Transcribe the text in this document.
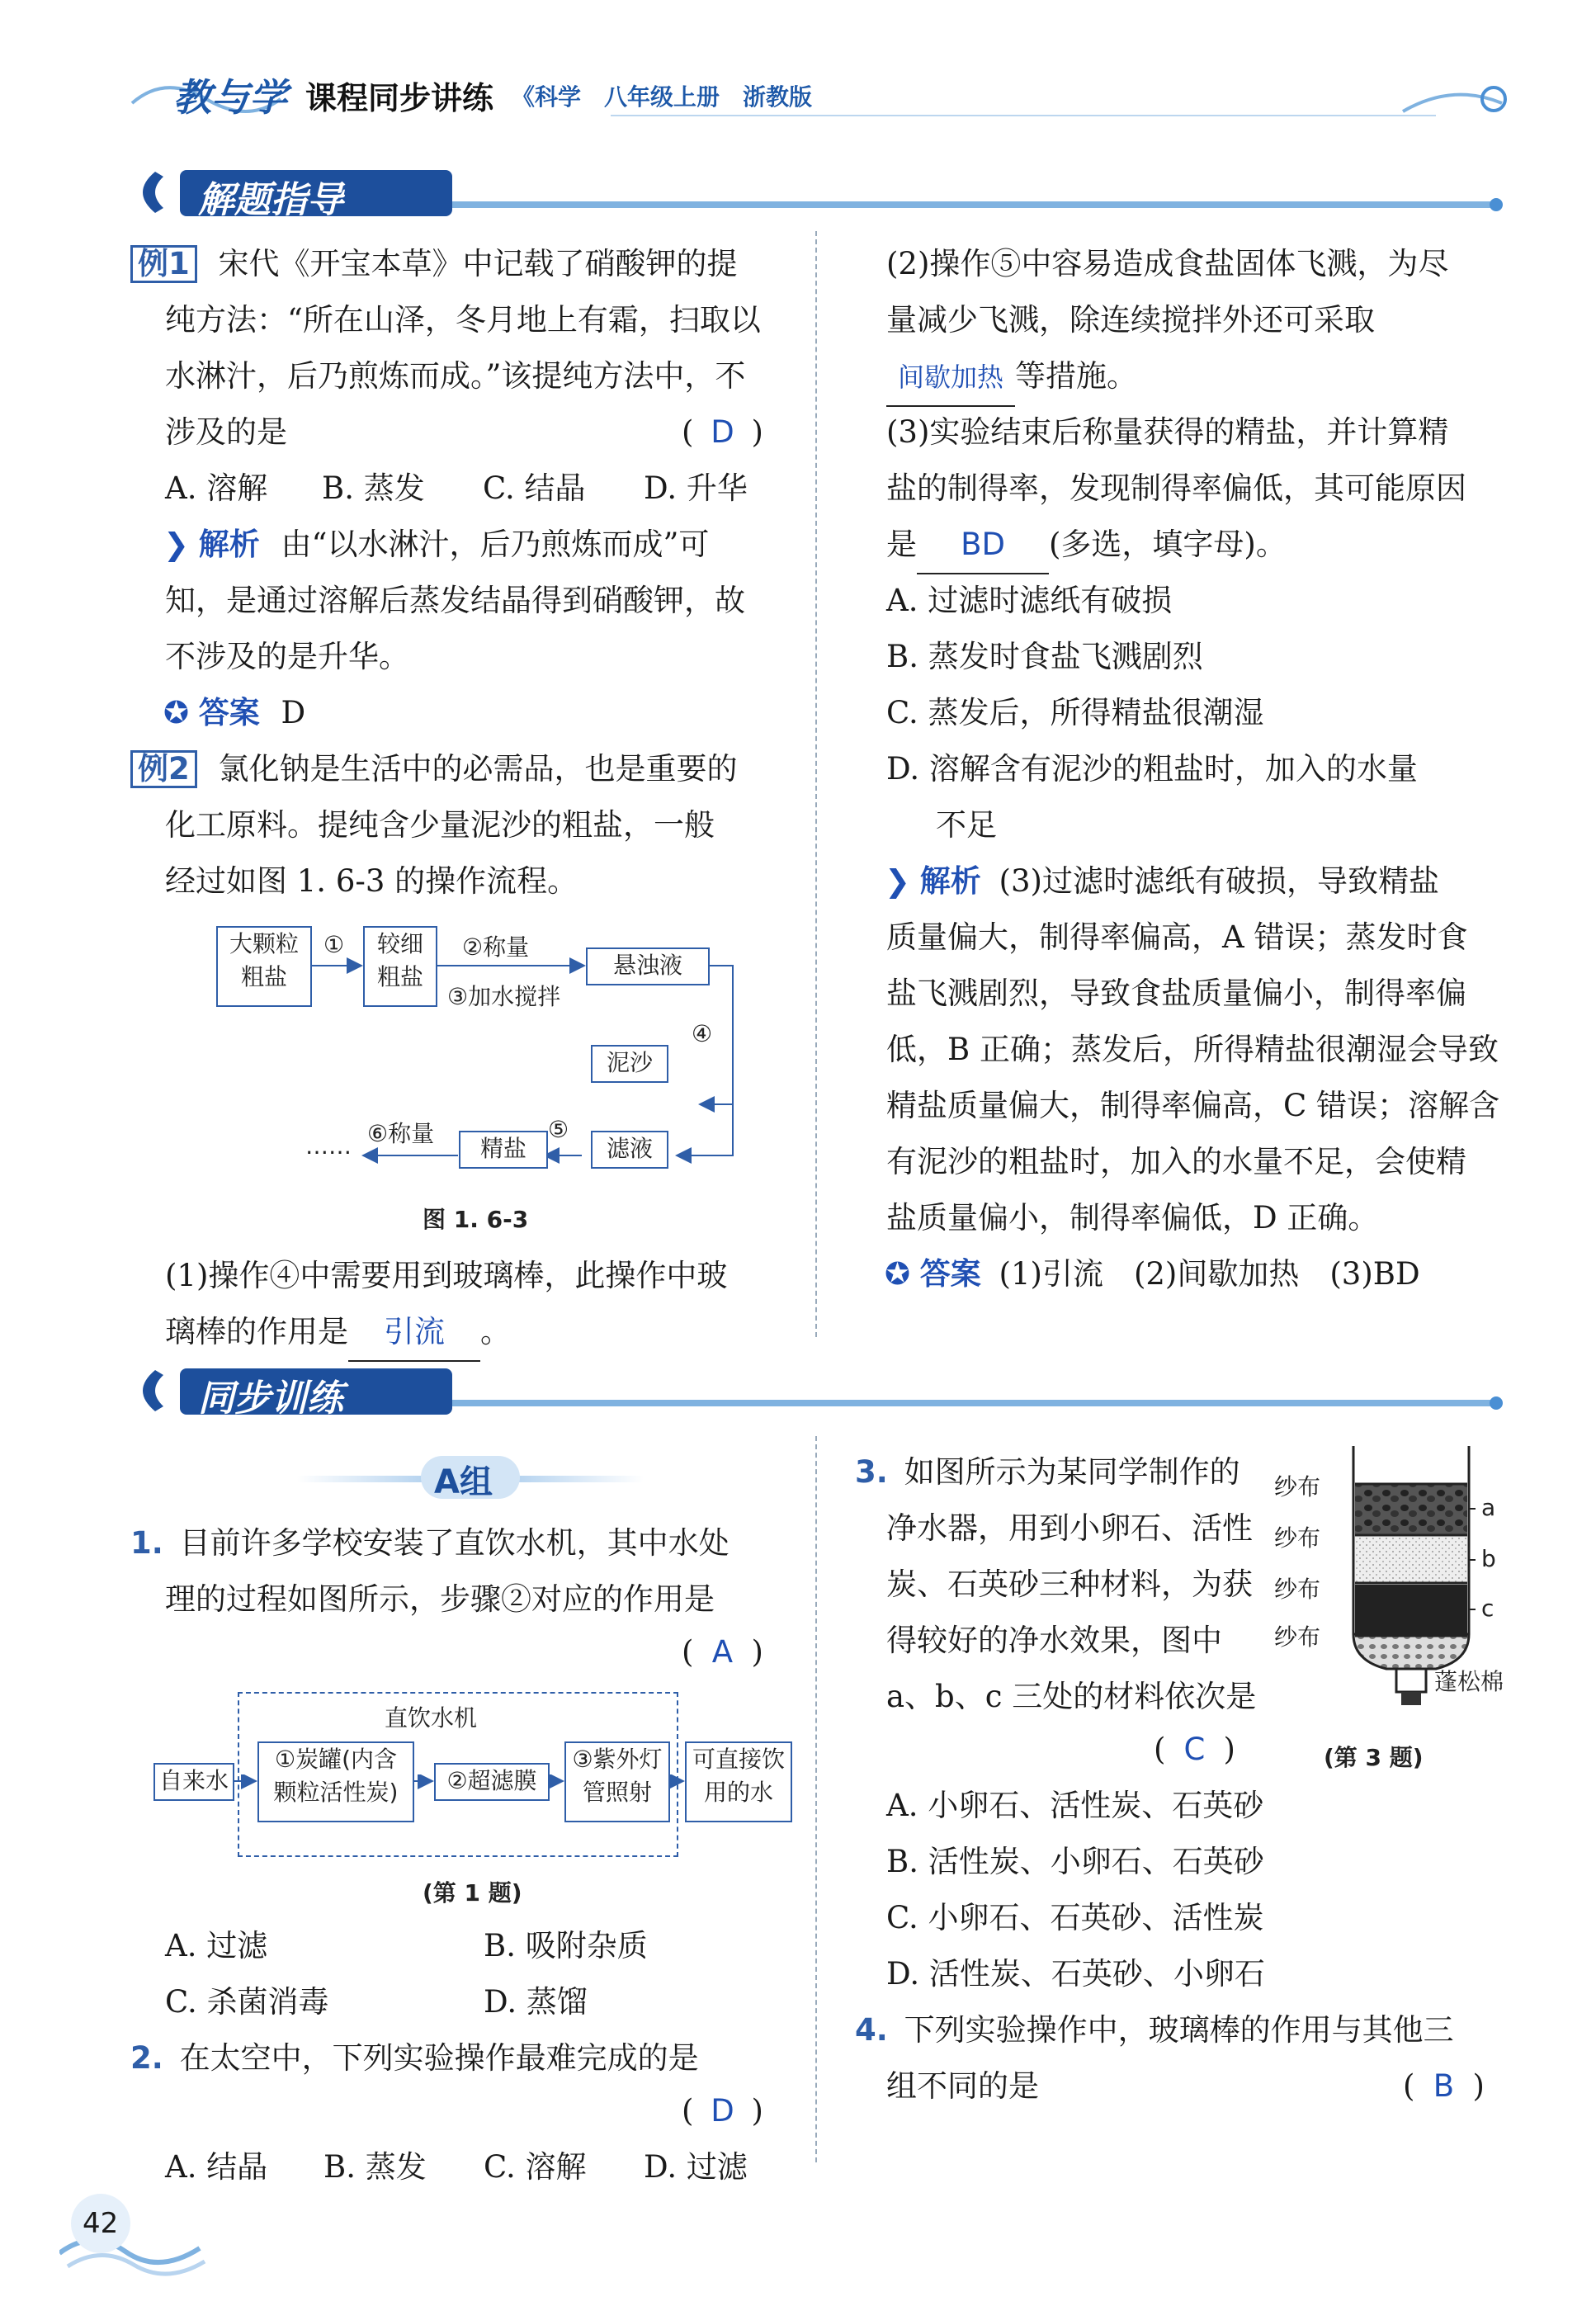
教与学 课程同步讲练 《科学　八年级上册　浙教版
解题指导
例1 宋代《开宝本草》中记载了硝酸钾的提
纯方法：“所在山泽，冬月地上有霜，扫取以
水淋汁，后乃煎炼而成。”该提纯方法中，不
涉及的是	( D )
A. 溶解 B. 蒸发 C. 结晶 D. 升华
❯ 解析 由“以水淋汁，后乃煎炼而成”可
知，是通过溶解后蒸发结晶得到硝酸钾，故
不涉及的是升华。
✪ 答案 D
例2 氯化钠是生活中的必需品，也是重要的
化工原料。提纯含少量泥沙的粗盐，一般
经过如图 1. 6-3 的操作流程。
大颗粒
粗盐
①	较细
粗盐
②称量
③加水搅拌
悬浊液
④
泥沙
滤液
⑤
精盐
⑥称量
……
图 1. 6-3
(1)操作④中需要用到玻璃棒，此操作中玻
璃棒的作用是 引流 。
(2)操作⑤中容易造成食盐固体飞溅，为尽
量减少飞溅，除连续搅拌外还可采取
间歇加热 等措施。
(3)实验结束后称量获得的精盐，并计算精
盐的制得率，发现制得率偏低，其可能原因
是 BD (多选，填字母)。
A. 过滤时滤纸有破损
B. 蒸发时食盐飞溅剧烈
C. 蒸发后，所得精盐很潮湿
D. 溶解含有泥沙的粗盐时，加入的水量
不足
❯ 解析 (3)过滤时滤纸有破损，导致精盐
质量偏大，制得率偏高，A 错误；蒸发时食
盐飞溅剧烈，导致食盐质量偏小，制得率偏
低，B 正确；蒸发后，所得精盐很潮湿会导致
精盐质量偏大，制得率偏高，C 错误；溶解含
有泥沙的粗盐时，加入的水量不足，会使精
盐质量偏小，制得率偏低，D 正确。
✪ 答案 (1)引流　(2)间歇加热　(3)BD
同步训练
A组
1. 目前许多学校安装了直饮水机，其中水处
理的过程如图所示，步骤②对应的作用是
( A )
直饮水机
自来水
①炭罐(内含
颗粒活性炭)	②超滤膜
③紫外灯
管照射
可直接饮
用的水
(第 1 题)
A. 过滤	B. 吸附杂质
C. 杀菌消毒	D. 蒸馏
2. 在太空中，下列实验操作最难完成的是
( D )
A. 结晶 B. 蒸发 C. 溶解 D. 过滤
3. 如图所示为某同学制作的
净水器，用到小卵石、活性
炭、石英砂三种材料，为获
得较好的净水效果，图中
a、b、c 三处的材料依次是
( C )
纱布
纱布
纱布
纱布
a
b
c
蓬松棉
(第 3 题)
A. 小卵石、活性炭、石英砂
B. 活性炭、小卵石、石英砂
C. 小卵石、石英砂、活性炭
D. 活性炭、石英砂、小卵石
4. 下列实验操作中，玻璃棒的作用与其他三
组不同的是	( B )
42
